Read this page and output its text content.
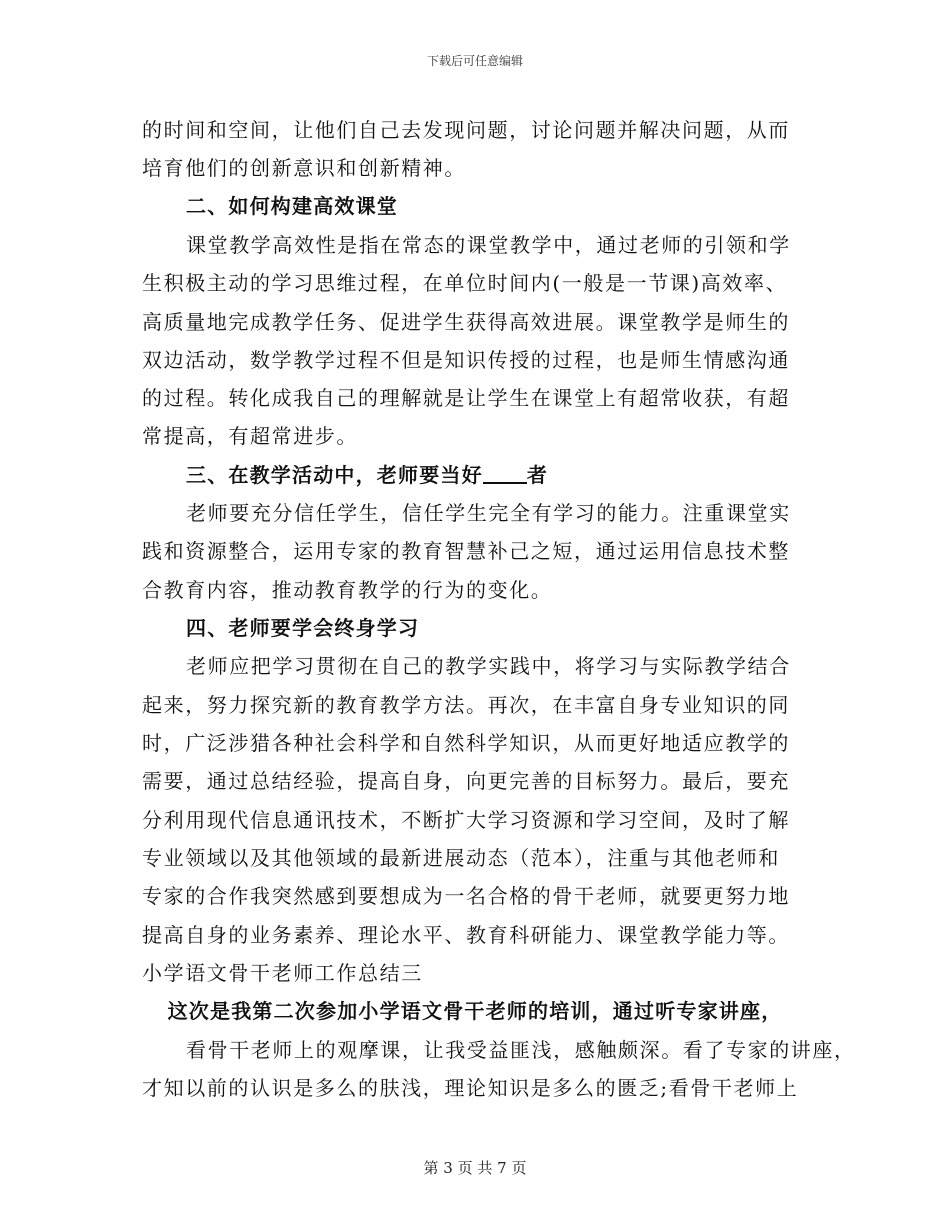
下载后可任意编辑
的时间和空间，让他们自己去发现问题，讨论问题并解决问题，从而
培育他们的创新意识和创新精神。
二、如何构建高效课堂
课堂教学高效性是指在常态的课堂教学中，通过老师的引领和学
生积极主动的学习思维过程，在单位时间内(一般是一节课)高效率、
高质量地完成教学任务、促进学生获得高效进展。课堂教学是师生的
双边活动，数学教学过程不但是知识传授的过程，也是师生情感沟通
的过程。转化成我自己的理解就是让学生在课堂上有超常收获，有超
常提高，有超常进步。
三、在教学活动中，老师要当好 者
老师要充分信任学生，信任学生完全有学习的能力。注重课堂实
践和资源整合，运用专家的教育智慧补己之短，通过运用信息技术整
合教育内容，推动教育教学的行为的变化。
四、老师要学会终身学习
老师应把学习贯彻在自己的教学实践中，将学习与实际教学结合
起来，努力探究新的教育教学方法。再次，在丰富自身专业知识的同
时，广泛涉猎各种社会科学和自然科学知识，从而更好地适应教学的
需要，通过总结经验，提高自身，向更完善的目标努力。最后，要充
分利用现代信息通讯技术，不断扩大学习资源和学习空间，及时了解
专业领域以及其他领域的最新进展动态（范本），注重与其他老师和
专家的合作我突然感到要想成为一名合格的骨干老师，就要更努力地
提高自身的业务素养、理论水平、教育科研能力、课堂教学能力等。
小学语文骨干老师工作总结三
这次是我第二次参加小学语文骨干老师的培训，通过听专家讲座，
看骨干老师上的观摩课，让我受益匪浅，感触颇深。看了专家的讲座，
才知以前的认识是多么的肤浅，理论知识是多么的匮乏;看骨干老师上
第 3 页 共 7 页
